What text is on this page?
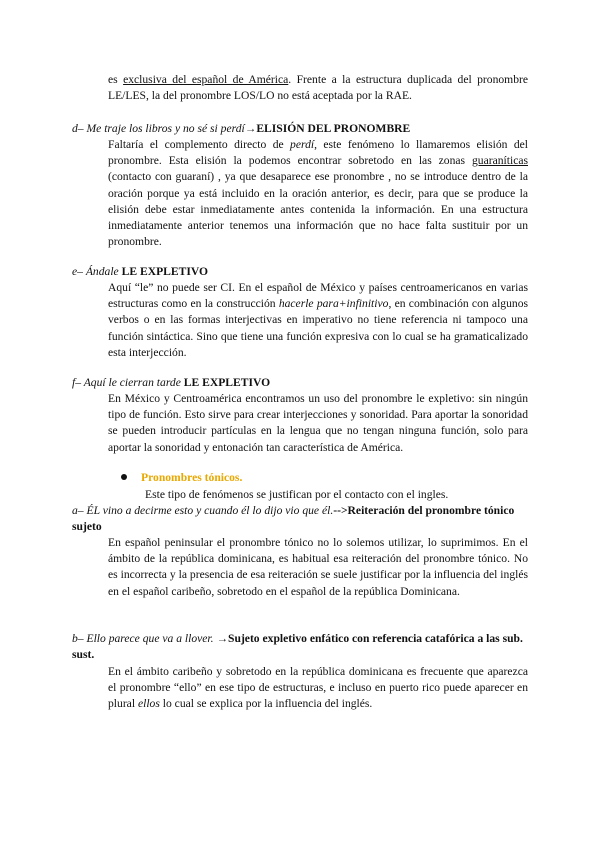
es exclusiva del español de América. Frente a la estructura duplicada del pronombre LE/LES, la del pronombre LOS/LO no está aceptada por la RAE.
d– Me traje los libros y no sé si perdí→ELISIÓN DEL PRONOMBRE
Faltaría el complemento directo de perdí, este fenómeno lo llamaremos elisión del pronombre. Esta elisión la podemos encontrar sobretodo en las zonas guaraníticas (contacto con guaraní) , ya que desaparece ese pronombre , no se introduce dentro de la oración porque ya está incluido en la oración anterior, es decir, para que se produce la elisión debe estar inmediatamente antes contenida la información. En una estructura inmediatamente anterior tenemos una información que no hace falta sustituir por un pronombre.
e– Ándale LE EXPLETIVO
Aquí “le” no puede ser CI. En el español de México y países centroamericanos en varias estructuras como en la construcción hacerle para+infinitivo, en combinación con algunos verbos o en las formas interjectivas en imperativo no tiene referencia ni tampoco una función sintáctica. Sino que tiene una función expresiva con lo cual se ha gramaticalizado esta interjección.
f– Aquí le cierran tarde LE EXPLETIVO
En México y Centroamérica encontramos un uso del pronombre le expletivo: sin ningún tipo de función. Esto sirve para crear interjecciones y sonoridad. Para aportar la sonoridad se pueden introducir partículas en la lengua que no tengan ninguna función, solo para aportar la sonoridad y entonación tan característica de América.
Pronombres tónicos.
Este tipo de fenómenos se justifican por el contacto con el ingles.
a– ÉL vino a decirme esto y cuando él lo dijo vio que él.-->Reiteración del pronombre tónico sujeto
En español peninsular el pronombre tónico no lo solemos utilizar, lo suprimimos. En el ámbito de la república dominicana, es habitual esa reiteración del pronombre tónico. No es incorrecta y la presencia de esa reiteración se suele justificar por la influencia del inglés en el español caribeño, sobretodo en el español de la república Dominicana.
b– Ello parece que va a llover. →Sujeto expletivo enfático con referencia catafórica a las sub. sust.
En el ámbito caribeño y sobretodo en la república dominicana es frecuente que aparezca el pronombre “ello” en ese tipo de estructuras, e incluso en puerto rico puede aparecer en plural ellos lo cual se explica por la influencia del inglés.
